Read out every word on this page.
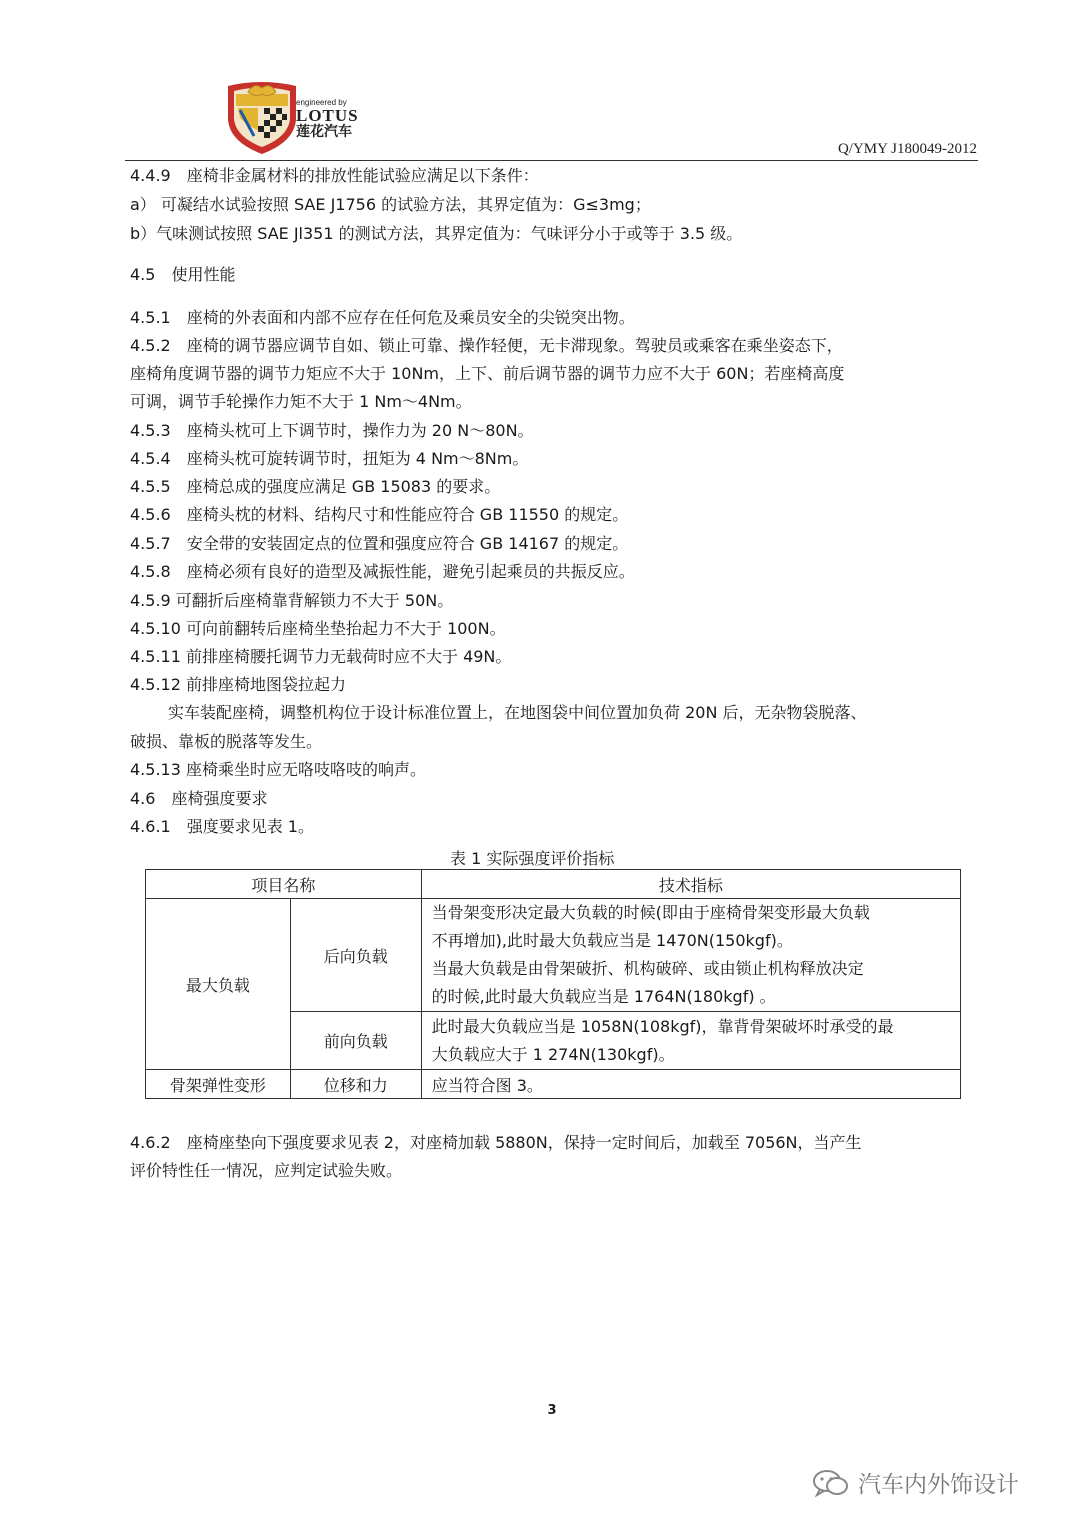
engineered by
LOTUS
莲花汽车
Q/YMY J180049-2012
4.4.9　座椅非金属材料的排放性能试验应满足以下条件：
a） 可凝结水试验按照 SAE J1756 的试验方法，其界定值为：G≤3mg；
b）气味测试按照 SAE Jl351 的测试方法，其界定值为：气味评分小于或等于 3.5 级。
4.5　使用性能
4.5.1　座椅的外表面和内部不应存在任何危及乘员安全的尖锐突出物。
4.5.2　座椅的调节器应调节自如、锁止可靠、操作轻便，无卡滞现象。驾驶员或乘客在乘坐姿态下，
座椅角度调节器的调节力矩应不大于 10Nm，上下、前后调节器的调节力应不大于 60N；若座椅高度
可调，调节手轮操作力矩不大于 1 Nm～4Nm。
4.5.3　座椅头枕可上下调节时，操作力为 20 N～80N。
4.5.4　座椅头枕可旋转调节时，扭矩为 4 Nm～8Nm。
4.5.5　座椅总成的强度应满足 GB 15083 的要求。
4.5.6　座椅头枕的材料、结构尺寸和性能应符合 GB 11550 的规定。
4.5.7　安全带的安装固定点的位置和强度应符合 GB 14167 的规定。
4.5.8　座椅必须有良好的造型及减振性能，避免引起乘员的共振反应。
4.5.9 可翻折后座椅靠背解锁力不大于 50N。
4.5.10 可向前翻转后座椅坐垫抬起力不大于 100N。
4.5.11 前排座椅腰托调节力无载荷时应不大于 49N。
4.5.12 前排座椅地图袋拉起力
实车装配座椅，调整机构位于设计标准位置上，在地图袋中间位置加负荷 20N 后，无杂物袋脱落、
破损、靠板的脱落等发生。
4.5.13 座椅乘坐时应无咯吱咯吱的响声。
4.6　座椅强度要求
4.6.1　强度要求见表 1。
表 1 实际强度评价指标
项目名称		技术指标
最大负载	后向负载	当骨架变形决定最大负载的时候(即由于座椅骨架变形最大负载
不再增加),此时最大负载应当是 1470N(150kgf)。
当最大负载是由骨架破折、机构破碎、或由锁止机构释放决定
的时候,此时最大负载应当是 1764N(180kgf) 。

	前向负载	此时最大负载应当是 1058N(108kgf)，靠背骨架破坏时承受的最
大负载应大于 1 274N(130kgf)。

骨架弹性变形	位移和力	应当符合图 3。
4.6.2　座椅座垫向下强度要求见表 2，对座椅加载 5880N，保持一定时间后，加载至 7056N，当产生
评价特性任一情况，应判定试验失败。
3
汽车内外饰设计
